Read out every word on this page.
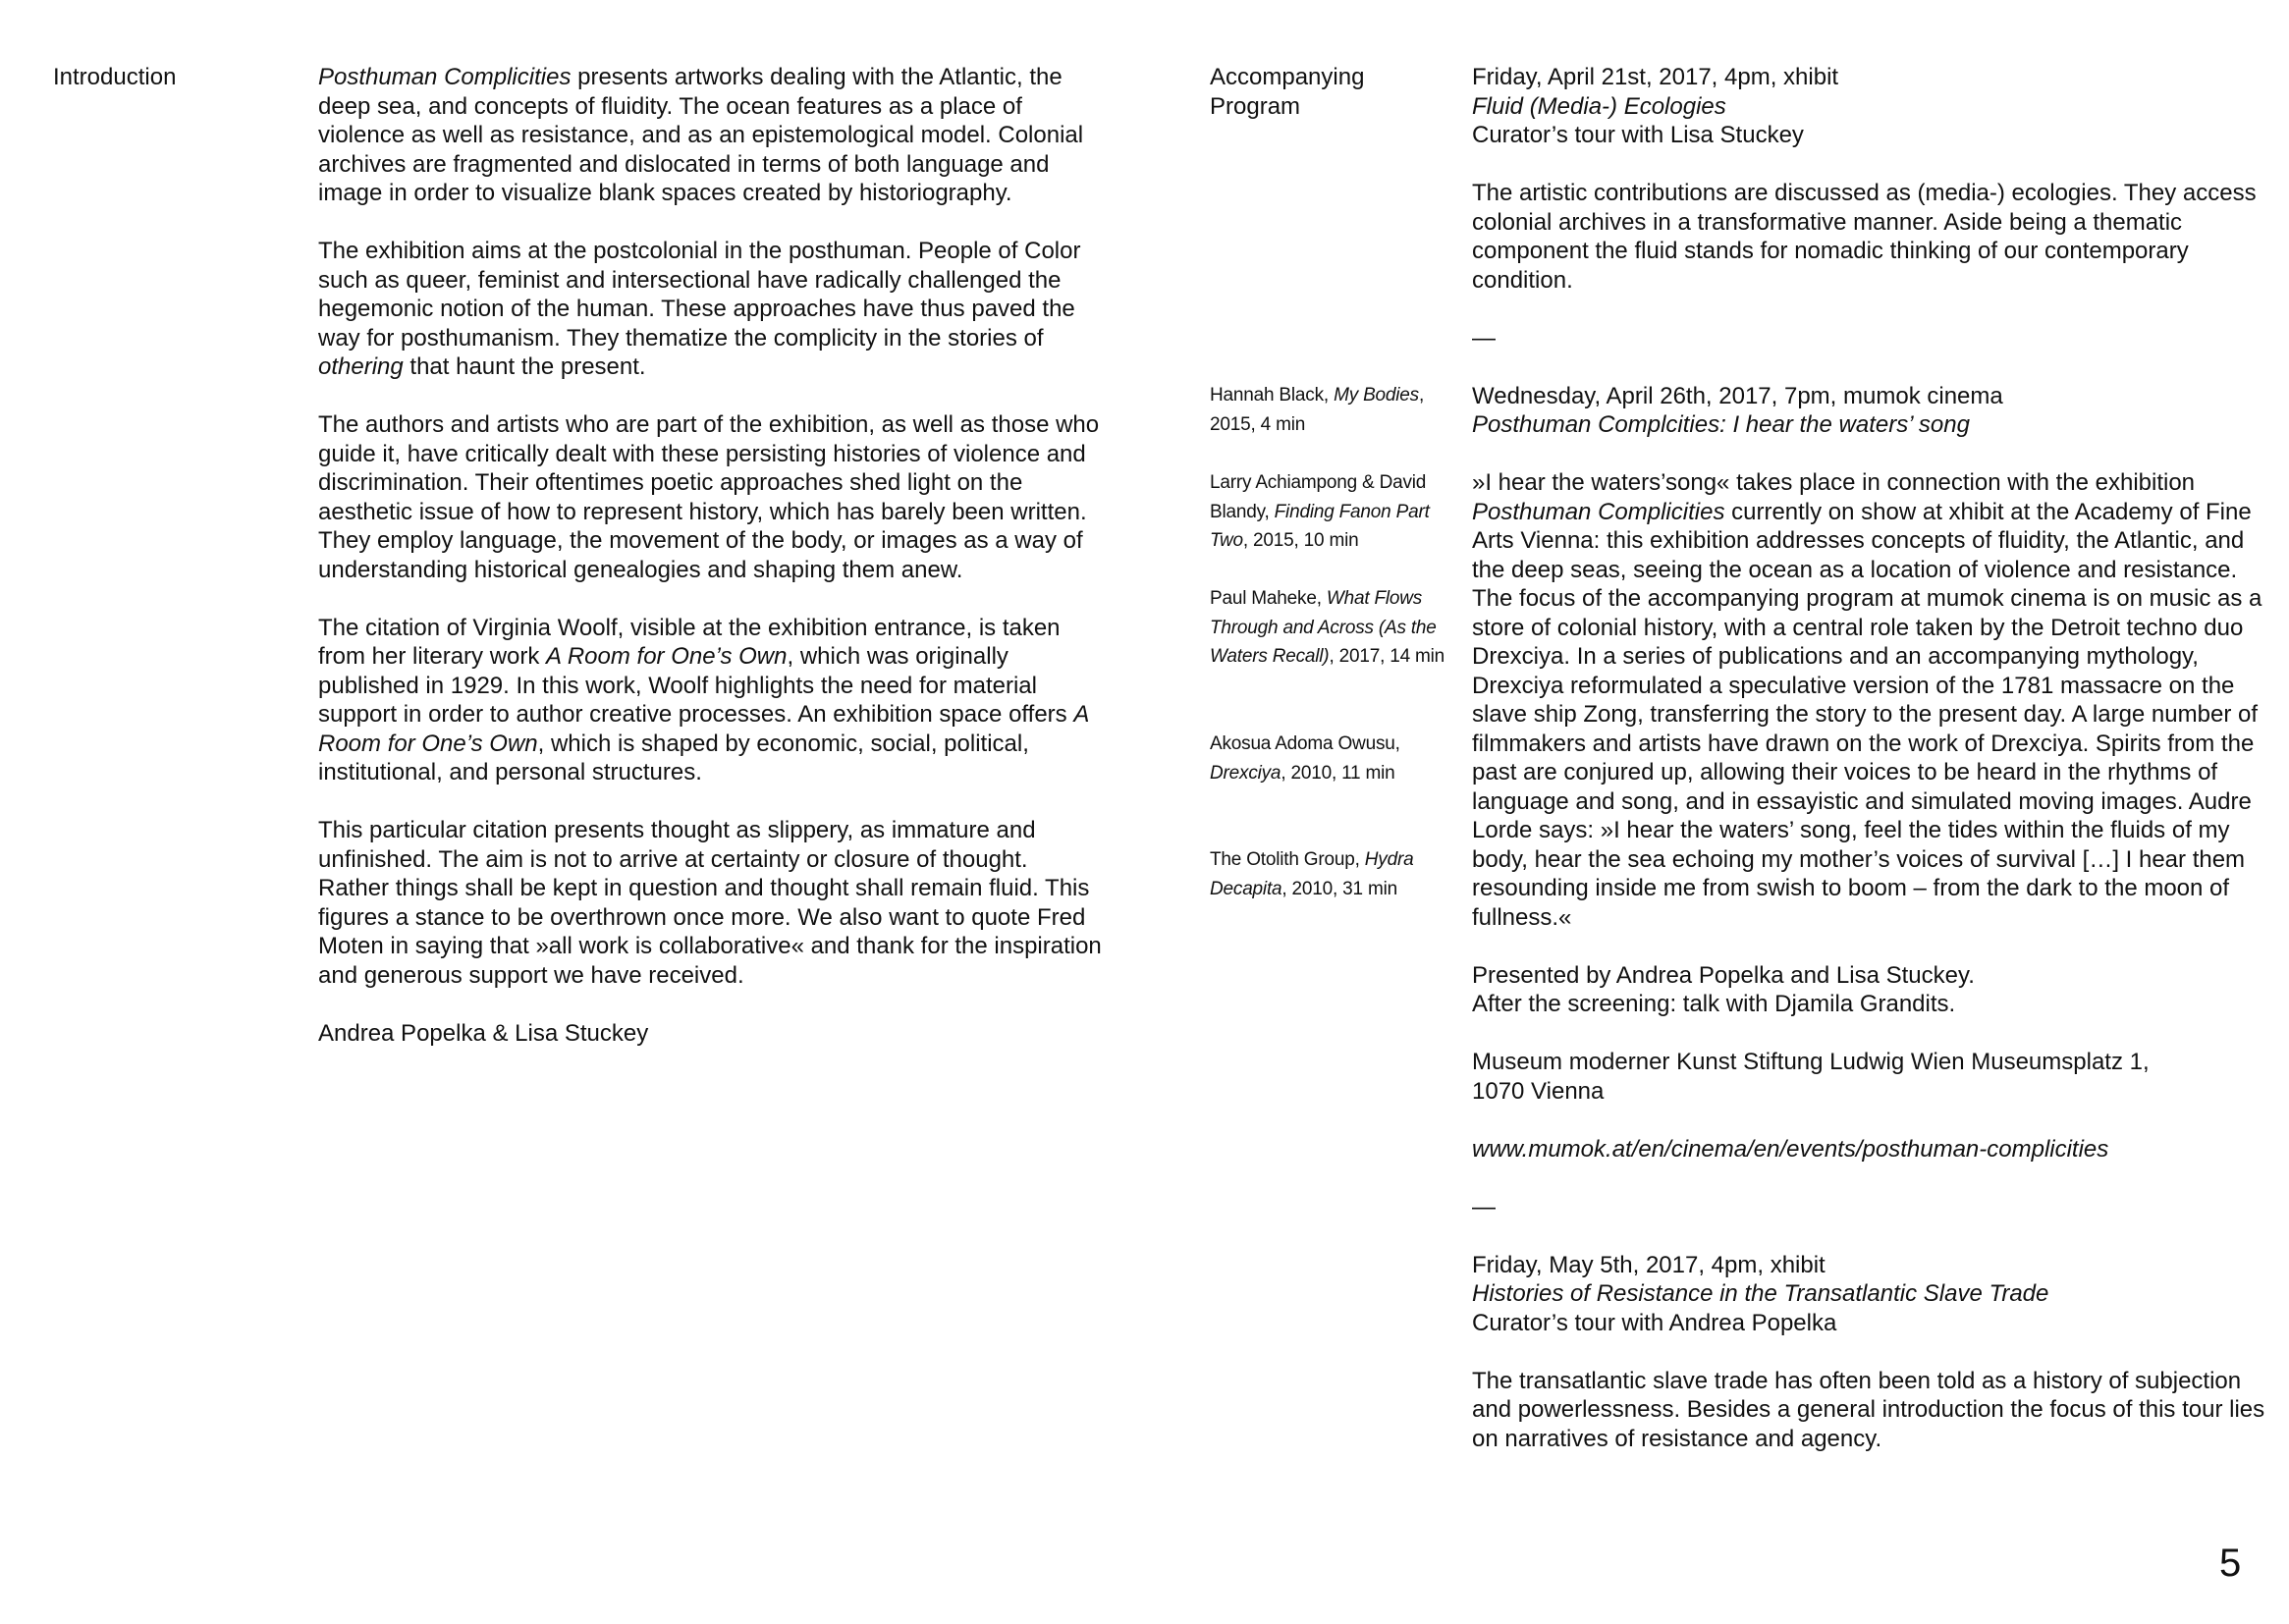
Introduction	Posthuman Complicities presents artworks dealing with the Atlantic, the deep sea, and concepts of fluidity. The ocean features as a place of violence as well as resistance, and as an epistemological model. Colonial archives are fragmented and dislocated in terms of both language and image in order to visualize blank spaces created by historiography.

The exhibition aims at the postcolonial in the posthuman. People of Color such as queer, feminist and intersectional have radically challenged the hegemonic notion of the human. These approaches have thus paved the way for posthumanism. They thematize the complicity in the stories of othering that haunt the present.

The authors and artists who are part of the exhibition, as well as those who guide it, have critically dealt with these persisting histories of violence and discrimination. Their oftentimes poetic approaches shed light on the aesthetic issue of how to represent history, which has barely been written. They employ language, the movement of the body, or images as a way of understanding historical genealogies and shaping them anew.

The citation of Virginia Woolf, visible at the exhibition entrance, is taken from her literary work A Room for One’s Own, which was originally published in 1929. In this work, Woolf highlights the need for material support in order to author creative processes. An exhibition space offers A Room for One’s Own, which is shaped by economic, social, political, institutional, and personal structures.

This particular citation presents thought as slippery, as immature and unfinished. The aim is not to arrive at certainty or closure of thought. Rather things shall be kept in question and thought shall remain fluid. This figures a stance to be overthrown once more. We also want to quote Fred Moten in saying that »all work is collaborative« and thank for the inspiration and generous support we have received.

Andrea Popelka & Lisa Stuckey

Accompanying
Program

Friday, April 21st, 2017, 4pm, xhibit

Fluid (Media-) Ecologies

Curator’s tour with Lisa Stuckey

The artistic contributions are discussed as (media-) ecologies. They access colonial archives in a transformative manner. Aside being a thematic component the fluid stands for nomadic thinking of our contemporary condition.

—

Wednesday, April 26th, 2017, 7pm, mumok cinema

Posthuman Complcities: I hear the waters’ song

»I hear the waters’song« takes place in connection with the exhibition Posthuman Complicities currently on show at xhibit at the Academy of Fine Arts Vienna: this exhibition addresses concepts of fluidity, the Atlantic, and the deep seas, seeing the ocean as a location of violence and resistance. The focus of the accompanying program at mumok cinema is on music as a store of colonial history, with a central role taken by the Detroit techno duo Drexciya. In a series of publications and an accompanying mythology, Drexciya reformulated a speculative version of the 1781 massacre on the slave ship Zong, transferring the story to the present day. A large number of filmmakers and artists have drawn on the work of Drexciya. Spirits from the past are conjured up, allowing their voices to be heard in the rhythms of language and song, and in essayistic and simulated moving images. Audre Lorde says: »I hear the waters’ song, feel the tides within the fluids of my body, hear the sea echoing my mother’s voices of survival […] I hear them resounding inside me from swish to boom – from the dark to the moon of fullness.«

Presented by Andrea Popelka and Lisa Stuckey.

After the screening: talk with Djamila Grandits.

Museum moderner Kunst Stiftung Ludwig Wien Museumsplatz 1,

1070 Vienna

www.mumok.at/en/cinema/en/events/posthuman-complicities

—

Friday, May 5th, 2017, 4pm, xhibit

Histories of Resistance in the Transatlantic Slave Trade

Curator’s tour with Andrea Popelka

The transatlantic slave trade has often been told as a history of subjection and powerlessness. Besides a general introduction the focus of this tour lies on narratives of resistance and agency.

Hannah Black, My Bodies, 2015, 4 min

Larry Achiampong & David Blandy, Finding Fanon Part Two, 2015, 10 min

Paul Maheke, What Flows Through and Across (As the Waters Recall), 2017, 14 min

Akosua Adoma Owusu, Drexciya, 2010, 11 min

The Otolith Group, Hydra Decapita, 2010, 31 min

5
